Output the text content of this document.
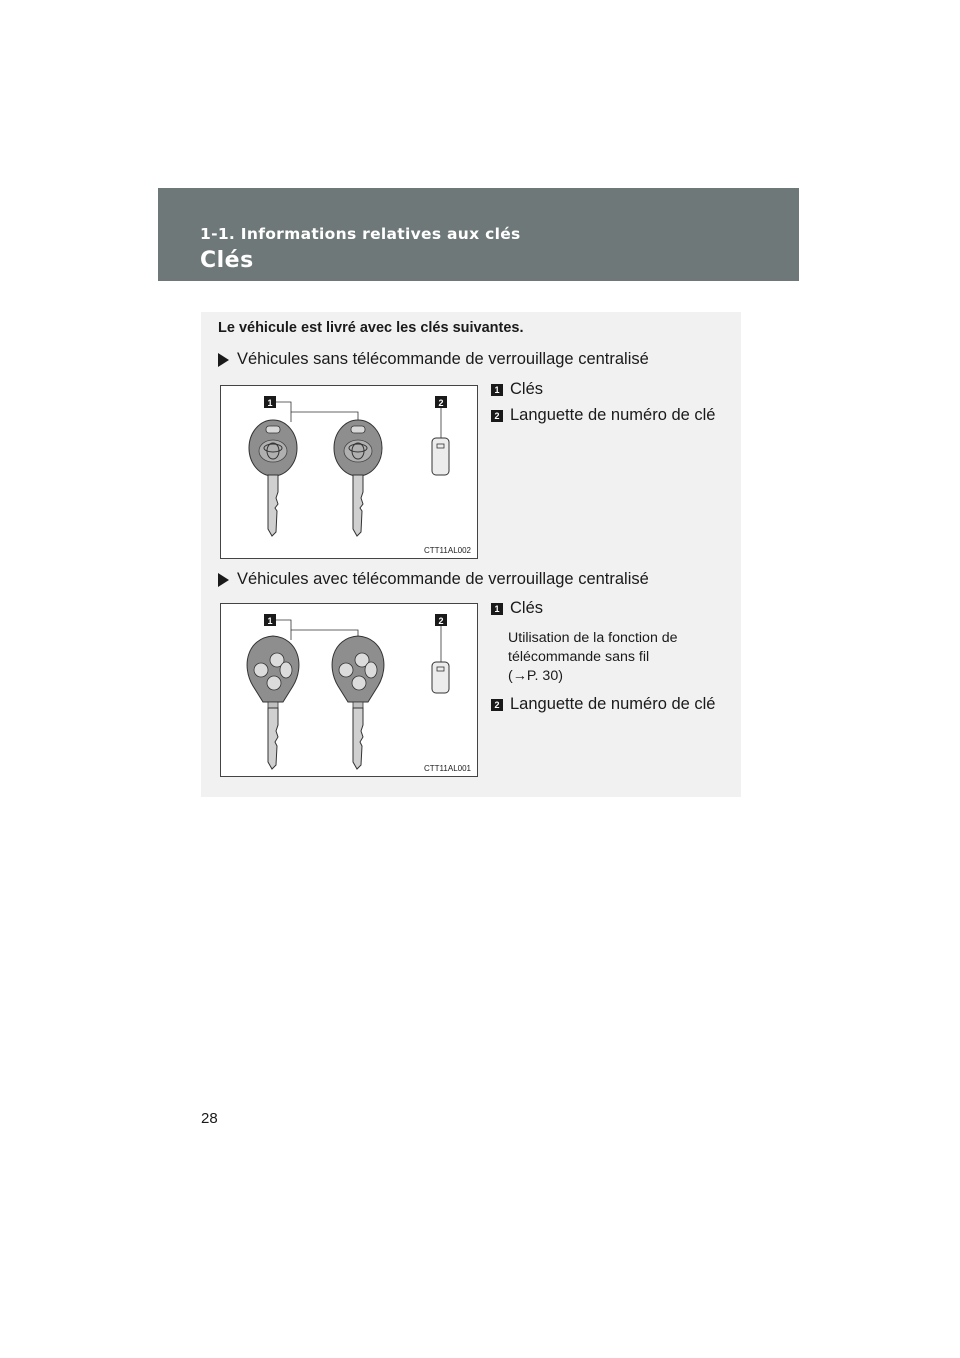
1-1. Informations relatives aux clés
Clés
Le véhicule est livré avec les clés suivantes.
Véhicules sans télécommande de verrouillage centralisé
1	2
CTT11AL002
1 Clés
2 Languette de numéro de clé
Véhicules avec télécommande de verrouillage centralisé
1	2
CTT11AL001
1 Clés
Utilisation de la fonction de
télécommande sans fil
(→P. 30)
2 Languette de numéro de clé
28
